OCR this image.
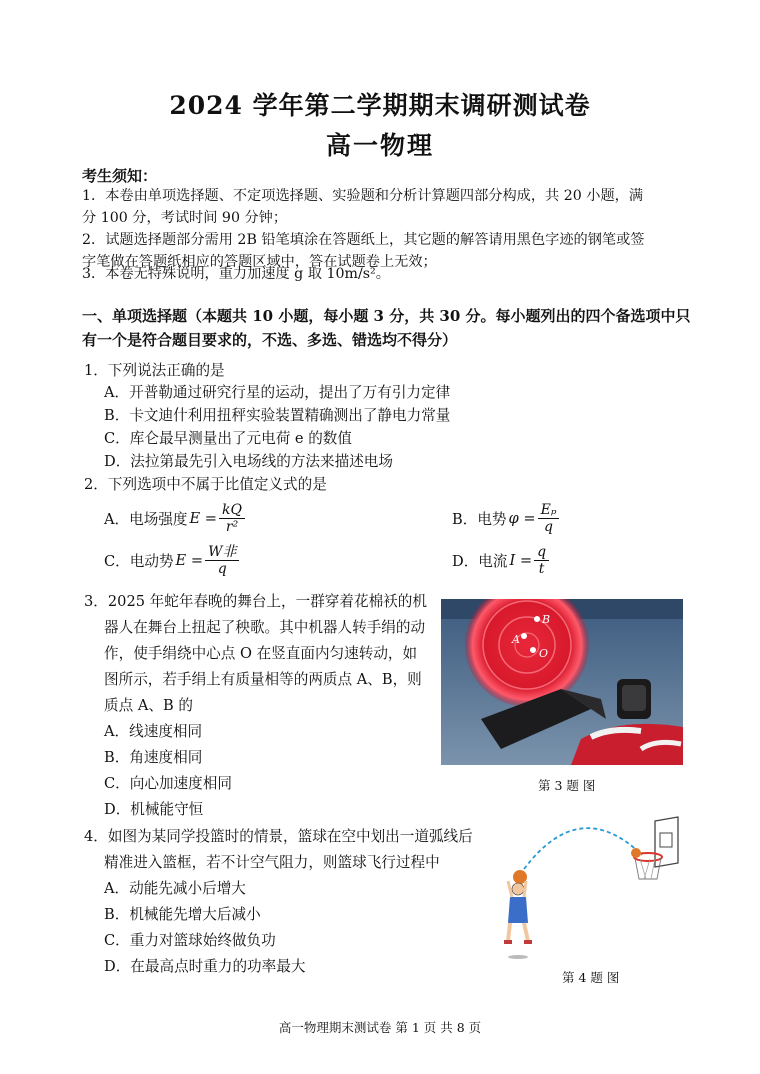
2024 学年第二学期期末调研测试卷
高一物理
考生须知：
1．本卷由单项选择题、不定项选择题、实验题和分析计算题四部分构成，共 20 小题，满
分 100 分，考试时间 90 分钟；
2．试题选择题部分需用 2B 铅笔填涂在答题纸上，其它题的解答请用黑色字迹的钢笔或签
字笔做在答题纸相应的答题区域中，答在试题卷上无效；
3．本卷无特殊说明，重力加速度 g 取 10m/s²。
一、单项选择题（本题共 10 小题，每小题 3 分，共 30 分。每小题列出的四个备选项中只
有一个是符合题目要求的，不选、多选、错选均不得分）
1．下列说法正确的是
A．开普勒通过研究行星的运动，提出了万有引力定律
B．卡文迪什利用扭秤实验装置精确测出了静电力常量
C．库仑最早测量出了元电荷 e 的数值
D．法拉第最先引入电场线的方法来描述电场
2．下列选项中不属于比值定义式的是
A．电场强度 $E = \frac{kQ}{\text{r²}}$	B．电势 $\varphi = \frac{\text{Eₚ}}{q}$
C．电动势 $E = \frac{\text{W非}}{q}$	D．电流 $I = \frac{q}{t}$
3．2025 年蛇年春晚的舞台上，一群穿着花棉袄的机
器人在舞台上扭起了秧歌。其中机器人转手绢的动
作，使手绢绕中心点 O 在竖直面内匀速转动，如
图所示，若手绢上有质量相等的两质点 A、B，则
质点 A、B 的
A．线速度相同
B．角速度相同
C．向心加速度相同
D．机械能守恒
B
A
O
第 3 题 图
4．如图为某同学投篮时的情景，篮球在空中划出一道弧线后
精准进入篮框，若不计空气阻力，则篮球飞行过程中
A．动能先减小后增大
B．机械能先增大后减小
C．重力对篮球始终做负功
D．在最高点时重力的功率最大
第 4 题 图
高一物理期末测试卷 第 1 页 共 8 页
